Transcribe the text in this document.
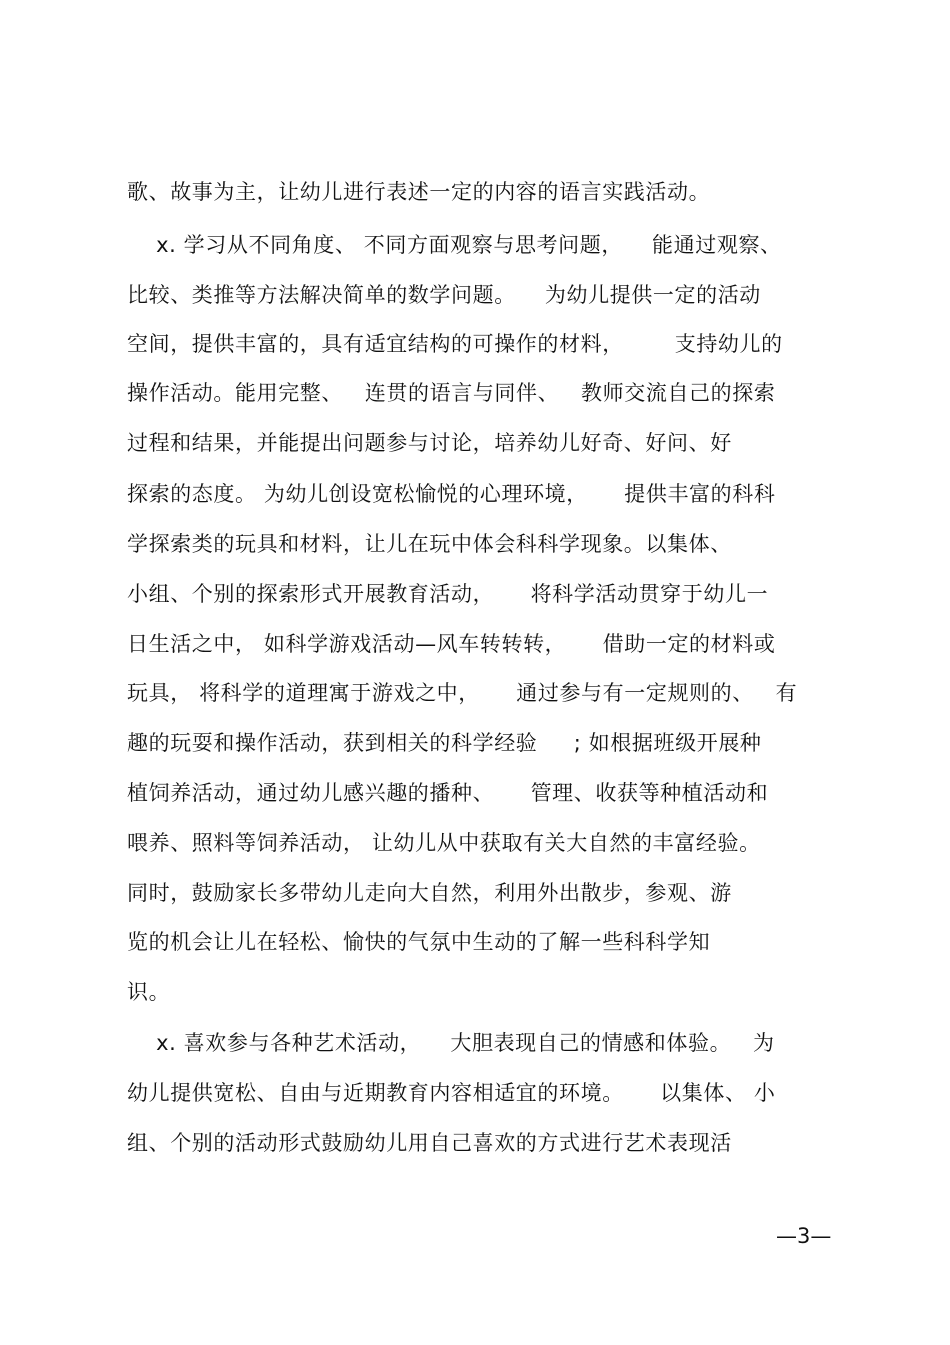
歌、故事为主，让幼儿进行表述一定的内容的语言实践活动。
x. 学习从不同角度、 不同方面观察与思考问题，    能通过观察、
比较、类推等方法解决简单的数学问题。    为幼儿提供一定的活动
空间，提供丰富的，具有适宜结构的可操作的材料，       支持幼儿的
操作活动。能用完整、   连贯的语言与同伴、   教师交流自己的探索
过程和结果，并能提出问题参与讨论，培养幼儿好奇、好问、好
探索的态度。 为幼儿创设宽松愉悦的心理环境，     提供丰富的科科
学探索类的玩具和材料，让儿在玩中体会科科学现象。以集体、
小组、个别的探索形式开展教育活动，     将科学活动贯穿于幼儿一
日生活之中， 如科学游戏活动—风车转转转，     借助一定的材料或
玩具， 将科学的道理寓于游戏之中，     通过参与有一定规则的、   有
趣的玩耍和操作活动，获到相关的科学经验     ; 如根据班级开展种
植饲养活动，通过幼儿感兴趣的播种、     管理、收获等种植活动和
喂养、照料等饲养活动， 让幼儿从中获取有关大自然的丰富经验。
同时，鼓励家长多带幼儿走向大自然，利用外出散步，参观、游
览的机会让儿在轻松、愉快的气氛中生动的了解一些科科学知
识。
x. 喜欢参与各种艺术活动，    大胆表现自己的情感和体验。   为
幼儿提供宽松、自由与近期教育内容相适宜的环境。     以集体、 小
组、个别的活动形式鼓励幼儿用自己喜欢的方式进行艺术表现活
—3—
